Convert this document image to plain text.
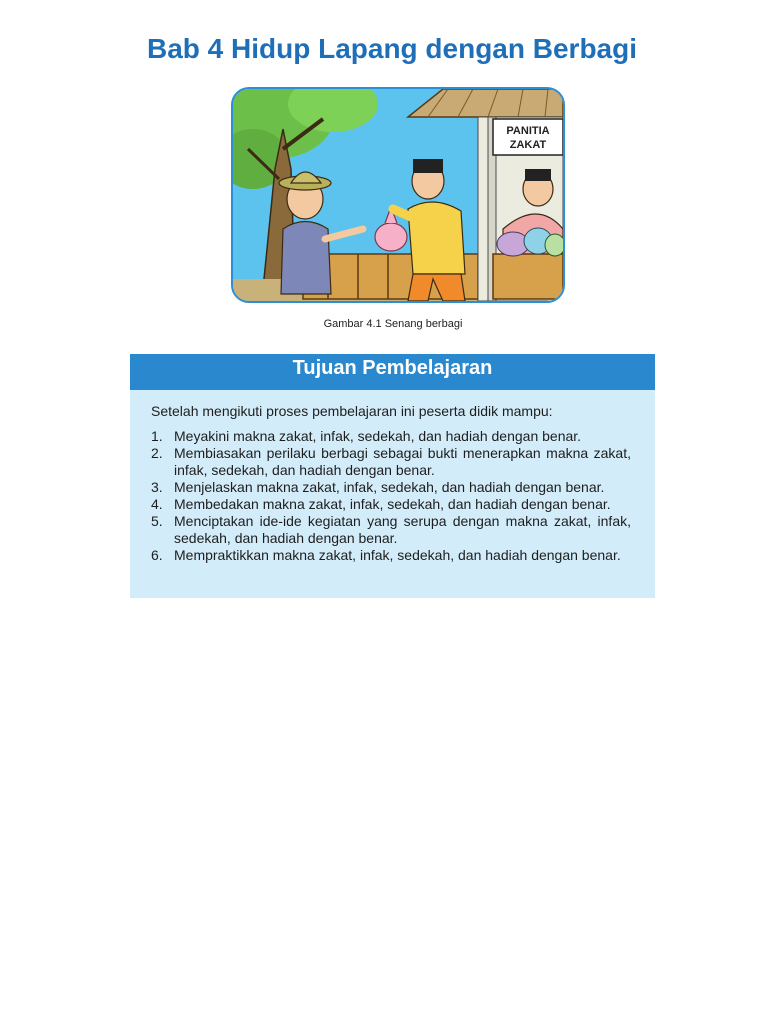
Bab 4 Hidup Lapang dengan Berbagi
PANITIA
ZAKAT
Gambar 4.1 Senang berbagi
Tujuan Pembelajaran

Setelah mengikuti proses pembelajaran ini peserta didik mampu:

1. Meyakini makna zakat, infak, sedekah, dan hadiah dengan benar.
2. Membiasakan perilaku berbagi sebagai bukti menerapkan makna zakat, infak, sedekah, dan hadiah dengan benar.
3. Menjelaskan makna zakat, infak, sedekah, dan hadiah dengan benar.
4. Membedakan makna zakat, infak, sedekah, dan hadiah dengan benar.
5. Menciptakan ide-ide kegiatan yang serupa dengan makna zakat, infak, sedekah, dan hadiah dengan benar.
6. Mempraktikkan makna zakat, infak, sedekah, dan hadiah dengan benar.
